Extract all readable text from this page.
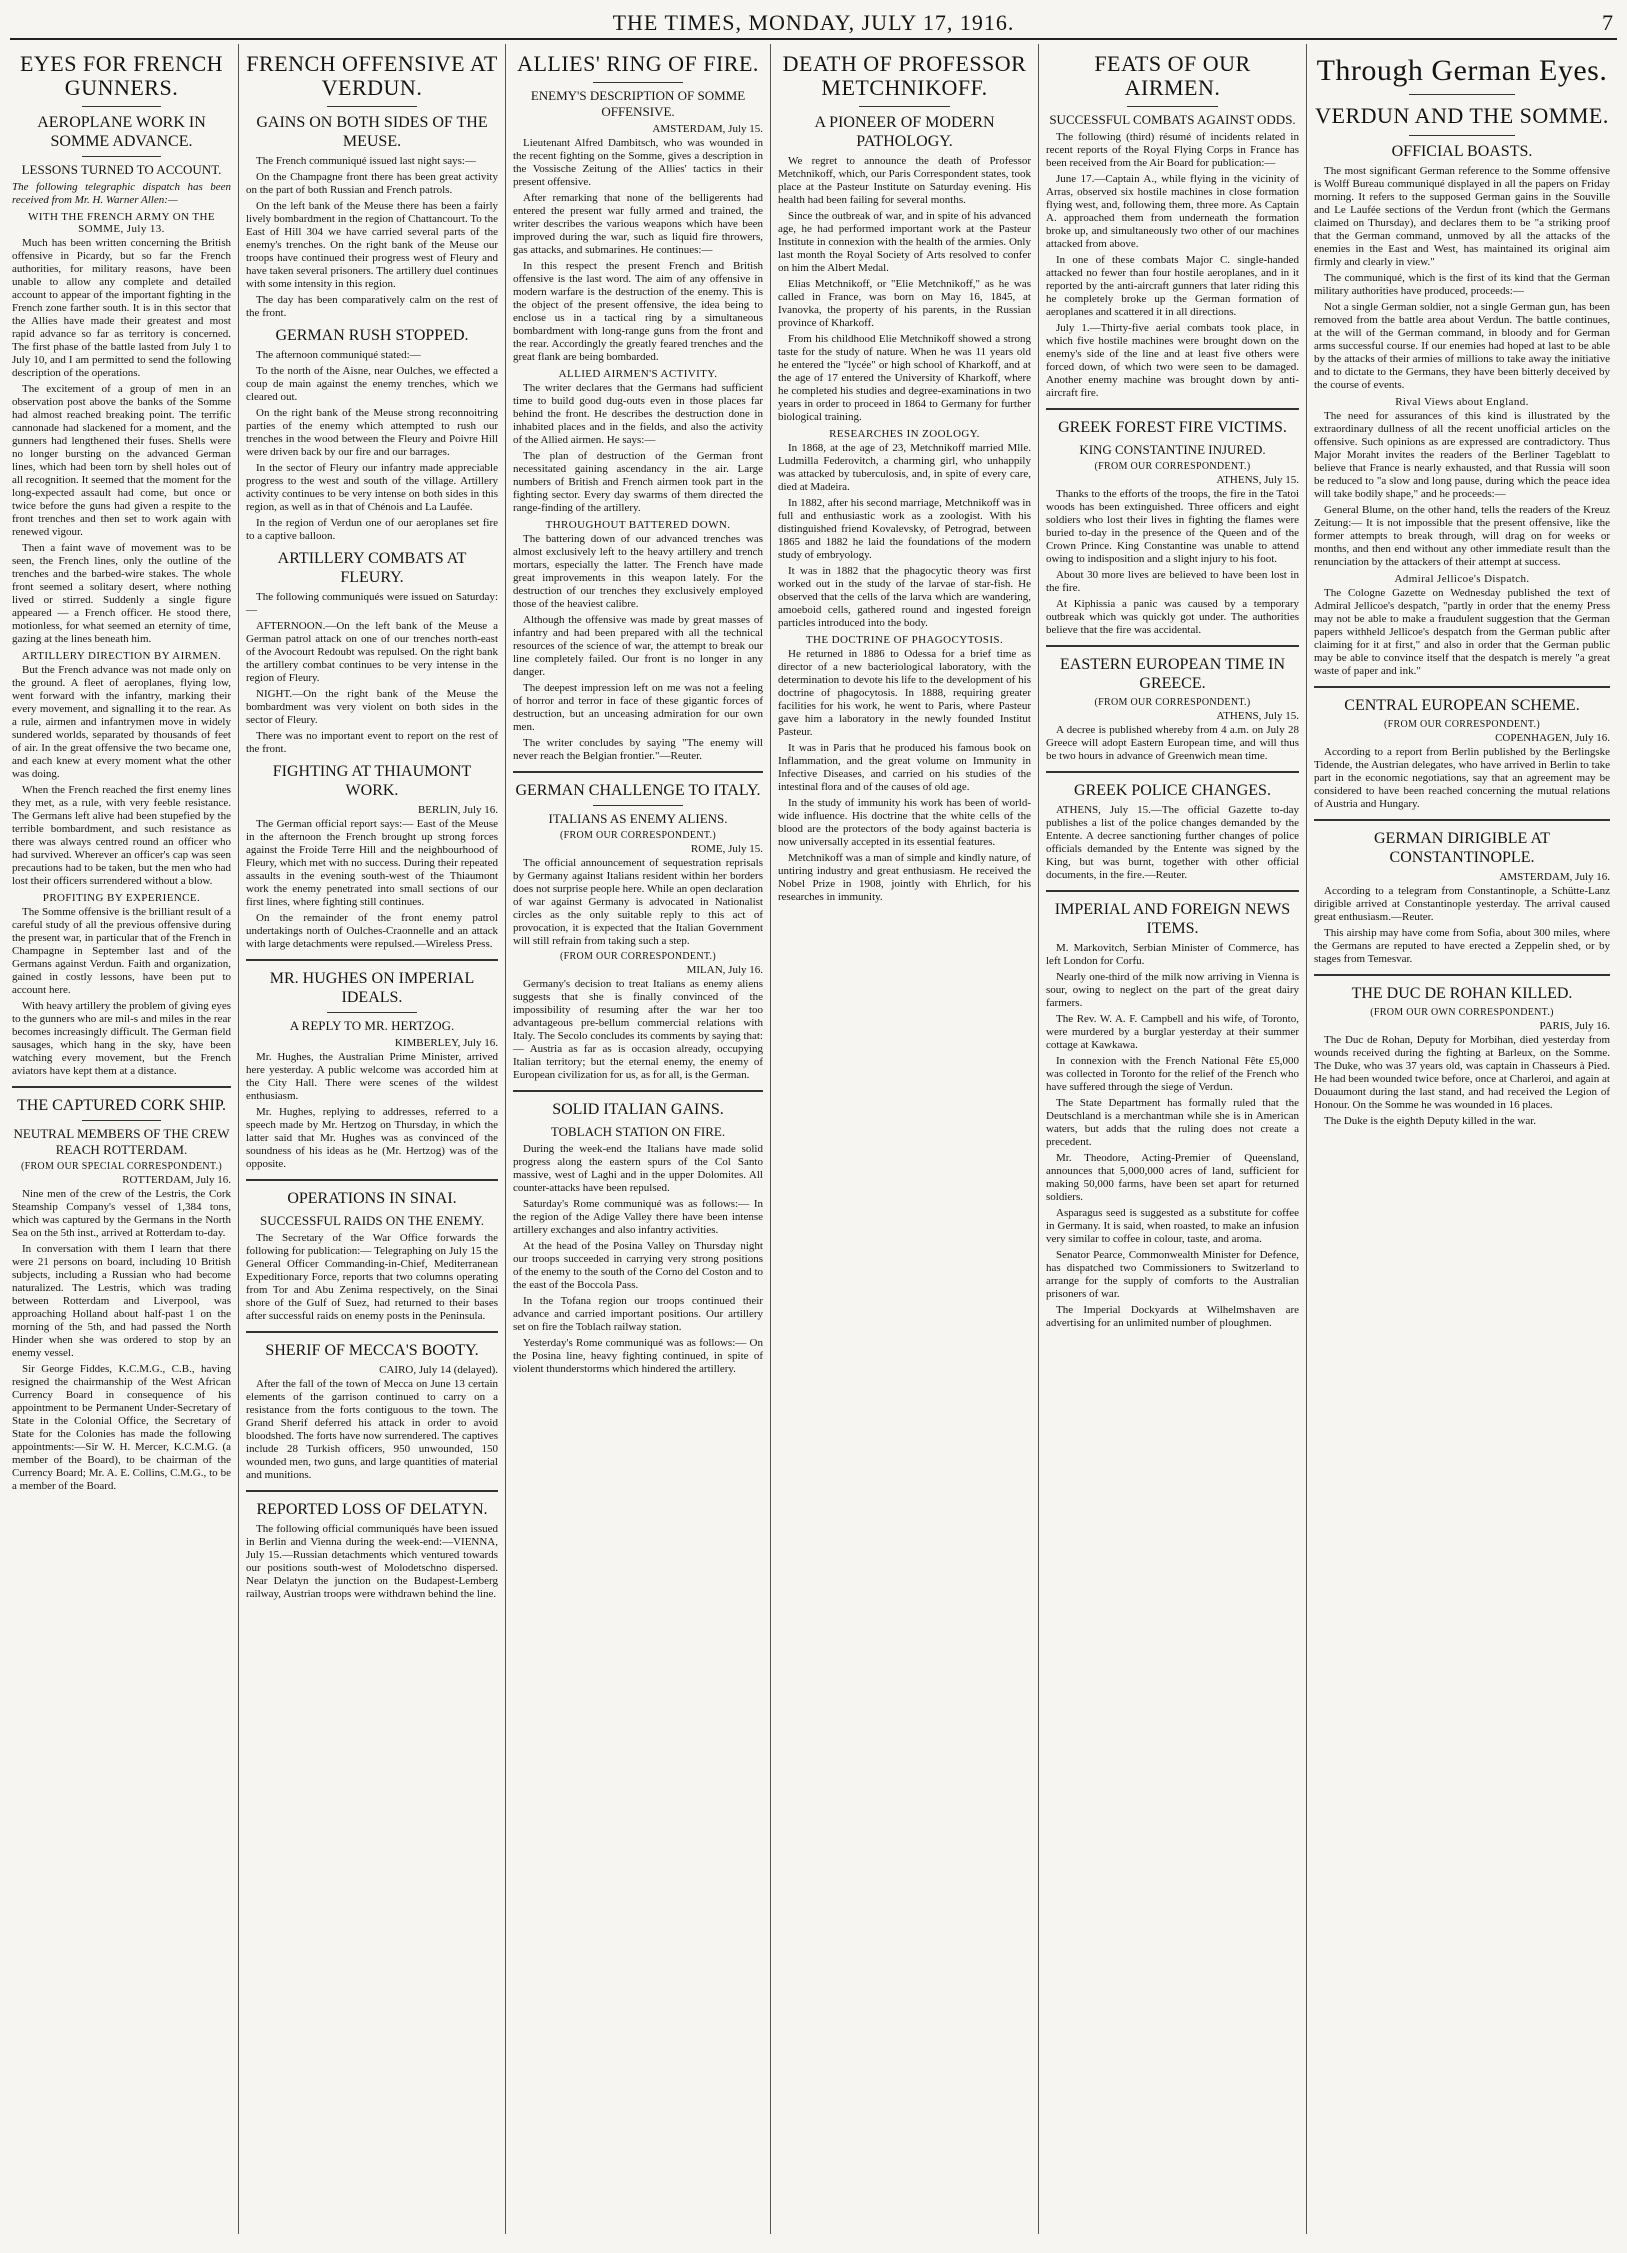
THE TIMES, MONDAY, JULY 17, 1916.	7
EYES FOR FRENCH GUNNERS.
AEROPLANE WORK IN SOMME ADVANCE.
LESSONS TURNED TO ACCOUNT.
The following telegraphic dispatch has been received from Mr. H. Warner Allen:—
WITH THE FRENCH ARMY ON THE SOMME, July 13.

Much has been written concerning the British offensive in Picardy, but so far the French authorities, for military reasons, have been unable to allow any complete and detailed account to appear of the important fighting in the French zone farther south. It is in this sector that the Allies have made their greatest and most rapid advance so far as territory is concerned. The first phase of the battle lasted from July 1 to July 10, and I am permitted to send the following description of the operations.

The excitement of a group of men in an observation post above the banks of the Somme had almost reached breaking point. The terrific cannonade had slackened for a moment, and the gunners had lengthened their fuses. Shells were no longer bursting on the advanced German lines, which had been torn by shell holes out of all recognition. It seemed that the moment for the long-expected assault had come, but once or twice before the guns had given a respite to the front trenches and then set to work again with renewed vigour.

Then a faint wave of movement was to be seen, the French lines, only the outline of the trenches and the barbed-wire stakes. The whole front seemed a solitary desert, where nothing lived or stirred. Suddenly a single figure appeared — a French officer. He stood there, motionless, for what seemed an eternity of time, gazing at the lines beneath him.

ARTILLERY DIRECTION BY AIRMEN.

But the French advance was not made only on the ground. A fleet of aeroplanes, flying low, went forward with the infantry, marking their every movement, and signalling it to the rear. As a rule, airmen and infantrymen move in widely sundered worlds, separated by thousands of feet of air. In the great offensive the two became one, and each knew at every moment what the other was doing.

When the French reached the first enemy lines they met, as a rule, with very feeble resistance. The Germans left alive had been stupefied by the terrible bombardment, and such resistance as there was always centred round an officer who had survived. Wherever an officer's cap was seen precautions had to be taken, but the men who had lost their officers surrendered without a blow.

PROFITING BY EXPERIENCE.

The Somme offensive is the brilliant result of a careful study of all the previous offensive during the present war, in particular that of the French in Champagne in September last and of the Germans against Verdun. Faith and organization, gained in costly lessons, have been put to account here.

With heavy artillery the problem of giving eyes to the gunners who are mil-s and miles in the rear becomes increasingly difficult. The German field sausages, which hang in the sky, have been watching every movement, but the French aviators have kept them at a distance.

THE CAPTURED CORK SHIP.
NEUTRAL MEMBERS OF THE CREW REACH ROTTERDAM.
(FROM OUR SPECIAL CORRESPONDENT.)
ROTTERDAM, July 16.

Nine men of the crew of the Lestris, the Cork Steamship Company's vessel of 1,384 tons, which was captured by the Germans in the North Sea on the 5th inst., arrived at Rotterdam to-day.

In conversation with them I learn that there were 21 persons on board, including 10 British subjects, including a Russian who had become naturalized. The Lestris, which was trading between Rotterdam and Liverpool, was approaching Holland about half-past 1 on the morning of the 5th, and had passed the North Hinder when she was ordered to stop by an enemy vessel.

Sir George Fiddes, K.C.M.G., C.B., having resigned the chairmanship of the West African Currency Board in consequence of his appointment to be Permanent Under-Secretary of State in the Colonial Office, the Secretary of State for the Colonies has made the following appointments:—Sir W. H. Mercer, K.C.M.G. (a member of the Board), to be chairman of the Currency Board; Mr. A. E. Collins, C.M.G., to be a member of the Board.

FRENCH OFFENSIVE AT VERDUN.
GAINS ON BOTH SIDES OF THE MEUSE.

The French communiqué issued last night says:—

On the Champagne front there has been great activity on the part of both Russian and French patrols.

On the left bank of the Meuse there has been a fairly lively bombardment in the region of Chattancourt. To the East of Hill 304 we have carried several parts of the enemy's trenches. On the right bank of the Meuse our troops have continued their progress west of Fleury and have taken several prisoners. The artillery duel continues with some intensity in this region.

The day has been comparatively calm on the rest of the front.

GERMAN RUSH STOPPED.

The afternoon communiqué stated:—

To the north of the Aisne, near Oulches, we effected a coup de main against the enemy trenches, which we cleared out.

On the right bank of the Meuse strong reconnoitring parties of the enemy which attempted to rush our trenches in the wood between the Fleury and Poivre Hill were driven back by our fire and our barrages.

In the sector of Fleury our infantry made appreciable progress to the west and south of the village. Artillery activity continues to be very intense on both sides in this region, as well as in that of Chénois and La Laufée.

In the region of Verdun one of our aeroplanes set fire to a captive balloon.

ARTILLERY COMBATS AT FLEURY.

The following communiqués were issued on Saturday:—

AFTERNOON.—On the left bank of the Meuse a German patrol attack on one of our trenches north-east of the Avocourt Redoubt was repulsed. On the right bank the artillery combat continues to be very intense in the region of Fleury.

NIGHT.—On the right bank of the Meuse the bombardment was very violent on both sides in the sector of Fleury.

There was no important event to report on the rest of the front.

FIGHTING AT THIAUMONT WORK.
BERLIN, July 16.

The German official report says:— East of the Meuse in the afternoon the French brought up strong forces against the Froide Terre Hill and the neighbourhood of Fleury, which met with no success. During their repeated assaults in the evening south-west of the Thiaumont work the enemy penetrated into small sections of our first lines, where fighting still continues.

On the remainder of the front enemy patrol undertakings north of Oulches-Craonnelle and an attack with large detachments were repulsed.—Wireless Press.

MR. HUGHES ON IMPERIAL IDEALS.
A REPLY TO MR. HERTZOG.
KIMBERLEY, July 16.

Mr. Hughes, the Australian Prime Minister, arrived here yesterday. A public welcome was accorded him at the City Hall. There were scenes of the wildest enthusiasm.

Mr. Hughes, replying to addresses, referred to a speech made by Mr. Hertzog on Thursday, in which the latter said that Mr. Hughes was as convinced of the soundness of his ideas as he (Mr. Hertzog) was of the opposite.

OPERATIONS IN SINAI.
SUCCESSFUL RAIDS ON THE ENEMY.

The Secretary of the War Office forwards the following for publication:— Telegraphing on July 15 the General Officer Commanding-in-Chief, Mediterranean Expeditionary Force, reports that two columns operating from Tor and Abu Zenima respectively, on the Sinai shore of the Gulf of Suez, had returned to their bases after successful raids on enemy posts in the Peninsula.

SHERIF OF MECCA'S BOOTY.
CAIRO, July 14 (delayed).

After the fall of the town of Mecca on June 13 certain elements of the garrison continued to carry on a resistance from the forts contiguous to the town. The Grand Sherif deferred his attack in order to avoid bloodshed. The forts have now surrendered. The captives include 28 Turkish officers, 950 unwounded, 150 wounded men, two guns, and large quantities of material and munitions.

REPORTED LOSS OF DELATYN.

The following official communiqués have been issued in Berlin and Vienna during the week-end:—VIENNA, July 15.—Russian detachments which ventured towards our positions south-west of Molodetschno dispersed. Near Delatyn the junction on the Budapest-Lemberg railway, Austrian troops were withdrawn behind the line.

ALLIES' RING OF FIRE.
ENEMY'S DESCRIPTION OF SOMME OFFENSIVE.
AMSTERDAM, July 15.

Lieutenant Alfred Dambitsch, who was wounded in the recent fighting on the Somme, gives a description in the Vossische Zeitung of the Allies' tactics in their present offensive.

After remarking that none of the belligerents had entered the present war fully armed and trained, the writer describes the various weapons which have been improved during the war, such as liquid fire throwers, gas attacks, and submarines. He continues:—

In this respect the present French and British offensive is the last word. The aim of any offensive in modern warfare is the destruction of the enemy. This is the object of the present offensive, the idea being to enclose us in a tactical ring by a simultaneous bombardment with long-range guns from the front and the rear. Accordingly the greatly feared trenches and the great flank are being bombarded.

ALLIED AIRMEN'S ACTIVITY.

The writer declares that the Germans had sufficient time to build good dug-outs even in those places far behind the front. He describes the destruction done in inhabited places and in the fields, and also the activity of the Allied airmen. He says:—

The plan of destruction of the German front necessitated gaining ascendancy in the air. Large numbers of British and French airmen took part in the fighting sector. Every day swarms of them directed the range-finding of the artillery.

THROUGHOUT BATTERED DOWN.

The battering down of our advanced trenches was almost exclusively left to the heavy artillery and trench mortars, especially the latter. The French have made great improvements in this weapon lately. For the destruction of our trenches they exclusively employed those of the heaviest calibre.

Although the offensive was made by great masses of infantry and had been prepared with all the technical resources of the science of war, the attempt to break our line completely failed. Our front is no longer in any danger.

The deepest impression left on me was not a feeling of horror and terror in face of these gigantic forces of destruction, but an unceasing admiration for our own men.

The writer concludes by saying "The enemy will never reach the Belgian frontier."—Reuter.

GERMAN CHALLENGE TO ITALY.
ITALIANS AS ENEMY ALIENS.
(FROM OUR CORRESPONDENT.)
ROME, July 15.

The official announcement of sequestration reprisals by Germany against Italians resident within her borders does not surprise people here. While an open declaration of war against Germany is advocated in Nationalist circles as the only suitable reply to this act of provocation, it is expected that the Italian Government will still refrain from taking such a step.

(FROM OUR CORRESPONDENT.)
MILAN, July 16.

Germany's decision to treat Italians as enemy aliens suggests that she is finally convinced of the impossibility of resuming after the war her too advantageous pre-bellum commercial relations with Italy. The Secolo concludes its comments by saying that:— Austria as far as is occasion already, occupying Italian territory; but the eternal enemy, the enemy of European civilization for us, as for all, is the German.

SOLID ITALIAN GAINS.
TOBLACH STATION ON FIRE.

During the week-end the Italians have made solid progress along the eastern spurs of the Col Santo massive, west of Laghi and in the upper Dolomites. All counter-attacks have been repulsed.

Saturday's Rome communiqué was as follows:— In the region of the Adige Valley there have been intense artillery exchanges and also infantry activities.

At the head of the Posina Valley on Thursday night our troops succeeded in carrying very strong positions of the enemy to the south of the Corno del Coston and to the east of the Boccola Pass.

In the Tofana region our troops continued their advance and carried important positions. Our artillery set on fire the Toblach railway station.

Yesterday's Rome communiqué was as follows:— On the Posina line, heavy fighting continued, in spite of violent thunderstorms which hindered the artillery.

DEATH OF PROFESSOR METCHNIKOFF.
A PIONEER OF MODERN PATHOLOGY.

We regret to announce the death of Professor Metchnikoff, which, our Paris Correspondent states, took place at the Pasteur Institute on Saturday evening. His health had been failing for several months.

Since the outbreak of war, and in spite of his advanced age, he had performed important work at the Pasteur Institute in connexion with the health of the armies. Only last month the Royal Society of Arts resolved to confer on him the Albert Medal.

Elias Metchnikoff, or "Elie Metchnikoff," as he was called in France, was born on May 16, 1845, at Ivanovka, the property of his parents, in the Russian province of Kharkoff.

From his childhood Elie Metchnikoff showed a strong taste for the study of nature. When he was 11 years old he entered the "lycée" or high school of Kharkoff, and at the age of 17 entered the University of Kharkoff, where he completed his studies and degree-examinations in two years in order to proceed in 1864 to Germany for further biological training.

RESEARCHES IN ZOOLOGY.

In 1868, at the age of 23, Metchnikoff married Mlle. Ludmilla Federovitch, a charming girl, who unhappily was attacked by tuberculosis, and, in spite of every care, died at Madeira.

In 1882, after his second marriage, Metchnikoff was in full and enthusiastic work as a zoologist. With his distinguished friend Kovalevsky, of Petrograd, between 1865 and 1882 he laid the foundations of the modern study of embryology.

It was in 1882 that the phagocytic theory was first worked out in the study of the larvae of star-fish. He observed that the cells of the larva which are wandering, amoeboid cells, gathered round and ingested foreign particles introduced into the body.

THE DOCTRINE OF PHAGOCYTOSIS.

He returned in 1886 to Odessa for a brief time as director of a new bacteriological laboratory, with the determination to devote his life to the development of his doctrine of phagocytosis. In 1888, requiring greater facilities for his work, he went to Paris, where Pasteur gave him a laboratory in the newly founded Institut Pasteur.

It was in Paris that he produced his famous book on Inflammation, and the great volume on Immunity in Infective Diseases, and carried on his studies of the intestinal flora and of the causes of old age.

In the study of immunity his work has been of world-wide influence. His doctrine that the white cells of the blood are the protectors of the body against bacteria is now universally accepted in its essential features.

Metchnikoff was a man of simple and kindly nature, of untiring industry and great enthusiasm. He received the Nobel Prize in 1908, jointly with Ehrlich, for his researches in immunity.

FEATS OF OUR AIRMEN.
SUCCESSFUL COMBATS AGAINST ODDS.

The following (third) résumé of incidents related in recent reports of the Royal Flying Corps in France has been received from the Air Board for publication:—

June 17.—Captain A., while flying in the vicinity of Arras, observed six hostile machines in close formation flying west, and, following them, three more. As Captain A. approached them from underneath the formation broke up, and simultaneously two other of our machines attacked from above.

In one of these combats Major C. single-handed attacked no fewer than four hostile aeroplanes, and in it reported by the anti-aircraft gunners that later riding this he completely broke up the German formation of aeroplanes and scattered it in all directions.

July 1.—Thirty-five aerial combats took place, in which five hostile machines were brought down on the enemy's side of the line and at least five others were forced down, of which two were seen to be damaged. Another enemy machine was brought down by anti-aircraft fire.

GREEK FOREST FIRE VICTIMS.
KING CONSTANTINE INJURED.
(FROM OUR CORRESPONDENT.)
ATHENS, July 15.

Thanks to the efforts of the troops, the fire in the Tatoi woods has been extinguished. Three officers and eight soldiers who lost their lives in fighting the flames were buried to-day in the presence of the Queen and of the Crown Prince. King Constantine was unable to attend owing to indisposition and a slight injury to his foot.

About 30 more lives are believed to have been lost in the fire.

At Kiphissia a panic was caused by a temporary outbreak which was quickly got under. The authorities believe that the fire was accidental.

EASTERN EUROPEAN TIME IN GREECE.
(FROM OUR CORRESPONDENT.)
ATHENS, July 15.

A decree is published whereby from 4 a.m. on July 28 Greece will adopt Eastern European time, and will thus be two hours in advance of Greenwich mean time.

GREEK POLICE CHANGES.

ATHENS, July 15.—The official Gazette to-day publishes a list of the police changes demanded by the Entente. A decree sanctioning further changes of police officials demanded by the Entente was signed by the King, but was burnt, together with other official documents, in the fire.—Reuter.

IMPERIAL AND FOREIGN NEWS ITEMS.

M. Markovitch, Serbian Minister of Commerce, has left London for Corfu.

Nearly one-third of the milk now arriving in Vienna is sour, owing to neglect on the part of the great dairy farmers.

The Rev. W. A. F. Campbell and his wife, of Toronto, were murdered by a burglar yesterday at their summer cottage at Kawkawa.

In connexion with the French National Fête £5,000 was collected in Toronto for the relief of the French who have suffered through the siege of Verdun.

The State Department has formally ruled that the Deutschland is a merchantman while she is in American waters, but adds that the ruling does not create a precedent.

Mr. Theodore, Acting-Premier of Queensland, announces that 5,000,000 acres of land, sufficient for making 50,000 farms, have been set apart for returned soldiers.

Asparagus seed is suggested as a substitute for coffee in Germany. It is said, when roasted, to make an infusion very similar to coffee in colour, taste, and aroma.

Senator Pearce, Commonwealth Minister for Defence, has dispatched two Commissioners to Switzerland to arrange for the supply of comforts to the Australian prisoners of war.

The Imperial Dockyards at Wilhelmshaven are advertising for an unlimited number of ploughmen.

Through German Eyes.
VERDUN AND THE SOMME.
OFFICIAL BOASTS.

The most significant German reference to the Somme offensive is Wolff Bureau communiqué displayed in all the papers on Friday morning. It refers to the supposed German gains in the Souville and Le Laufée sections of the Verdun front (which the Germans claimed on Thursday), and declares them to be "a striking proof that the German command, unmoved by all the attacks of the enemies in the East and West, has maintained its original aim firmly and clearly in view."

The communiqué, which is the first of its kind that the German military authorities have produced, proceeds:—

Not a single German soldier, not a single German gun, has been removed from the battle area about Verdun. The battle continues, at the will of the German command, in bloody and for German arms successful course. If our enemies had hoped at last to be able by the attacks of their armies of millions to take away the initiative and to dictate to the Germans, they have been bitterly deceived by the course of events.

Rival Views about England.

The need for assurances of this kind is illustrated by the extraordinary dullness of all the recent unofficial articles on the offensive. Such opinions as are expressed are contradictory. Thus Major Moraht invites the readers of the Berliner Tageblatt to believe that France is nearly exhausted, and that Russia will soon be reduced to "a slow and long pause, during which the peace idea will take bodily shape," and he proceeds:—

General Blume, on the other hand, tells the readers of the Kreuz Zeitung:— It is not impossible that the present offensive, like the former attempts to break through, will drag on for weeks or months, and then end without any other immediate result than the renunciation by the attackers of their attempt at success.

Admiral Jellicoe's Dispatch.

The Cologne Gazette on Wednesday published the text of Admiral Jellicoe's despatch, "partly in order that the enemy Press may not be able to make a fraudulent suggestion that the German papers withheld Jellicoe's despatch from the German public after claiming for it at first," and also in order that the German public may be able to convince itself that the despatch is merely "a great waste of paper and ink."

CENTRAL EUROPEAN SCHEME.
(FROM OUR CORRESPONDENT.)
COPENHAGEN, July 16.

According to a report from Berlin published by the Berlingske Tidende, the Austrian delegates, who have arrived in Berlin to take part in the economic negotiations, say that an agreement may be considered to have been reached concerning the mutual relations of Austria and Hungary.

GERMAN DIRIGIBLE AT CONSTANTINOPLE.
AMSTERDAM, July 16.

According to a telegram from Constantinople, a Schütte-Lanz dirigible arrived at Constantinople yesterday. The arrival caused great enthusiasm.—Reuter.

This airship may have come from Sofia, about 300 miles, where the Germans are reputed to have erected a Zeppelin shed, or by stages from Temesvar.

THE DUC DE ROHAN KILLED.
(FROM OUR OWN CORRESPONDENT.)
PARIS, July 16.

The Duc de Rohan, Deputy for Morbihan, died yesterday from wounds received during the fighting at Barleux, on the Somme. The Duke, who was 37 years old, was captain in Chasseurs à Pied. He had been wounded twice before, once at Charleroi, and again at Douaumont during the last stand, and had received the Legion of Honour. On the Somme he was wounded in 16 places.

The Duke is the eighth Deputy killed in the war.
